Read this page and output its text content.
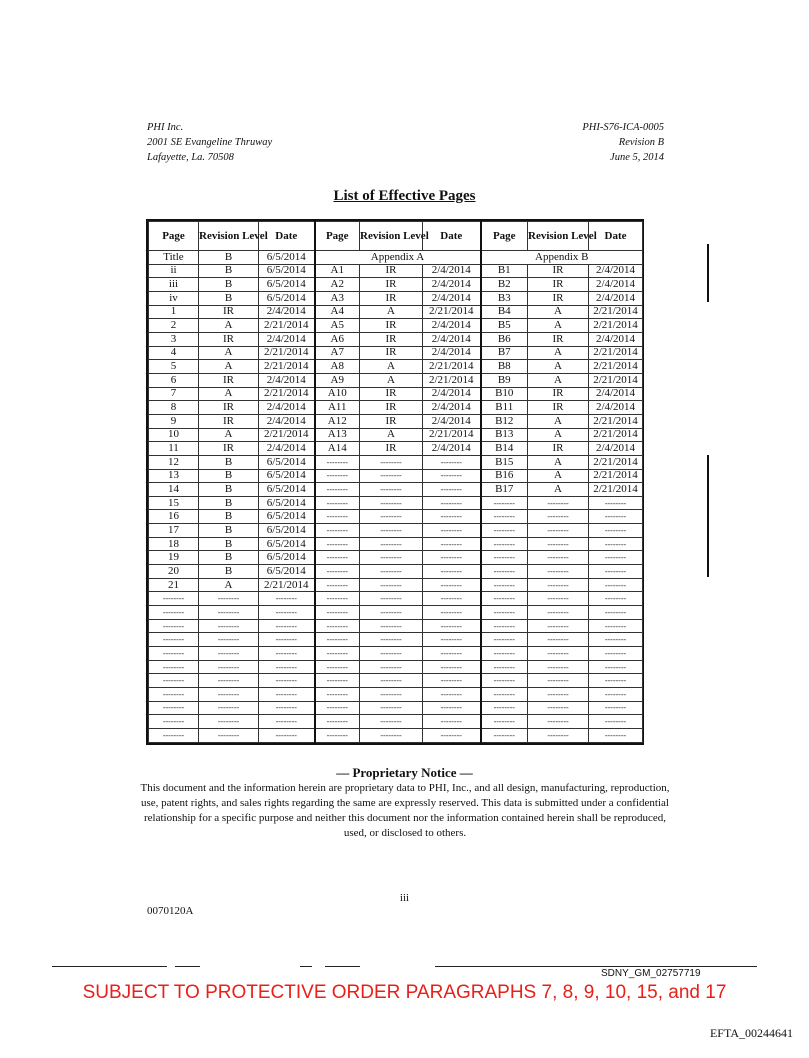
PHI Inc.
2001 SE Evangeline Thruway
Lafayette, La. 70508
PHI-S76-ICA-0005
Revision B
June 5, 2014
List of Effective Pages
Page	Revision Level	Date	Page	Revision Level	Date	Page	Revision Level	Date
Title	B	6/5/2014	Appendix A			Appendix B		
ii	B	6/5/2014	A1	IR	2/4/2014	B1	IR	2/4/2014
iii	B	6/5/2014	A2	IR	2/4/2014	B2	IR	2/4/2014
iv	B	6/5/2014	A3	IR	2/4/2014	B3	IR	2/4/2014
1	IR	2/4/2014	A4	A	2/21/2014	B4	A	2/21/2014
2	A	2/21/2014	A5	IR	2/4/2014	B5	A	2/21/2014
3	IR	2/4/2014	A6	IR	2/4/2014	B6	IR	2/4/2014
4	A	2/21/2014	A7	IR	2/4/2014	B7	A	2/21/2014
5	A	2/21/2014	A8	A	2/21/2014	B8	A	2/21/2014
6	IR	2/4/2014	A9	A	2/21/2014	B9	A	2/21/2014
7	A	2/21/2014	A10	IR	2/4/2014	B10	IR	2/4/2014
8	IR	2/4/2014	A11	IR	2/4/2014	B11	IR	2/4/2014
9	IR	2/4/2014	A12	IR	2/4/2014	B12	A	2/21/2014
10	A	2/21/2014	A13	A	2/21/2014	B13	A	2/21/2014
11	IR	2/4/2014	A14	IR	2/4/2014	B14	IR	2/4/2014
12	B	6/5/2014	--------	--------	--------	B15	A	2/21/2014
13	B	6/5/2014	--------	--------	--------	B16	A	2/21/2014
14	B	6/5/2014	--------	--------	--------	B17	A	2/21/2014
15	B	6/5/2014	--------	--------	--------	--------	--------	--------
16	B	6/5/2014	--------	--------	--------	--------	--------	--------
17	B	6/5/2014	--------	--------	--------	--------	--------	--------
18	B	6/5/2014	--------	--------	--------	--------	--------	--------
19	B	6/5/2014	--------	--------	--------	--------	--------	--------
20	B	6/5/2014	--------	--------	--------	--------	--------	--------
21	A	2/21/2014	--------	--------	--------	--------	--------	--------
--------	--------	--------	--------	--------	--------	--------	--------	--------
--------	--------	--------	--------	--------	--------	--------	--------	--------
--------	--------	--------	--------	--------	--------	--------	--------	--------
--------	--------	--------	--------	--------	--------	--------	--------	--------
--------	--------	--------	--------	--------	--------	--------	--------	--------
--------	--------	--------	--------	--------	--------	--------	--------	--------
--------	--------	--------	--------	--------	--------	--------	--------	--------
--------	--------	--------	--------	--------	--------	--------	--------	--------
--------	--------	--------	--------	--------	--------	--------	--------	--------
--------	--------	--------	--------	--------	--------	--------	--------	--------
--------	--------	--------	--------	--------	--------	--------	--------	--------
— Proprietary Notice —
This document and the information herein are proprietary data to PHI, Inc., and all design, manufacturing, reproduction, use, patent rights, and sales rights regarding the same are expressly reserved. This data is submitted under a confidential relationship for a specific purpose and neither this document nor the information contained herein shall be reproduced, used, or disclosed to others.
iii
0070120A
SDNY_GM_02757719
SUBJECT TO PROTECTIVE ORDER PARAGRAPHS 7, 8, 9, 10, 15, and 17
EFTA_00244641
